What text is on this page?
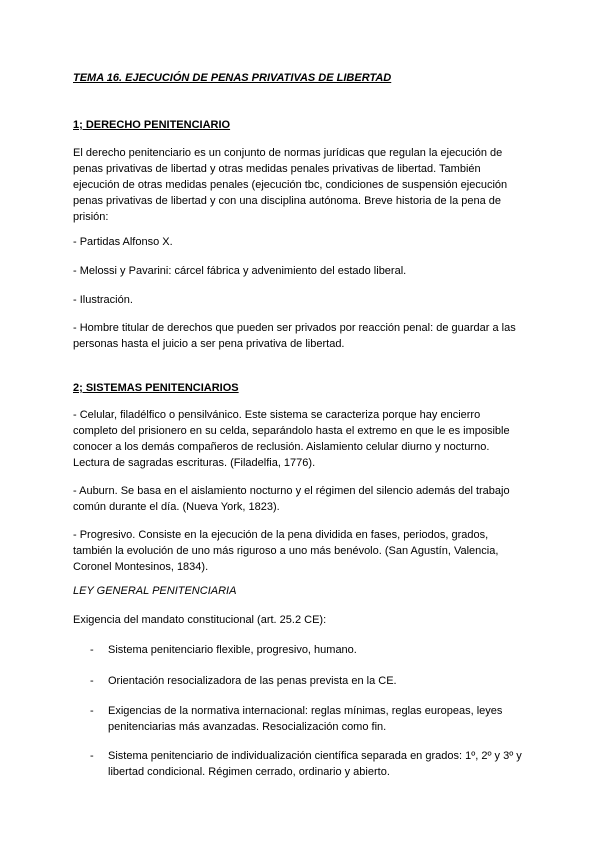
TEMA 16. EJECUCIÓN DE PENAS PRIVATIVAS DE LIBERTAD
1; DERECHO PENITENCIARIO
El derecho penitenciario es un conjunto de normas jurídicas que regulan la ejecución de
penas privativas de libertad y otras medidas penales privativas de libertad. También
ejecución de otras medidas penales (ejecución tbc, condiciones de suspensión ejecución
penas privativas de libertad y con una disciplina autónoma. Breve historia de la pena de
prisión:
- Partidas Alfonso X.
- Melossi y Pavarini: cárcel fábrica y advenimiento del estado liberal.
- Ilustración.
- Hombre titular de derechos que pueden ser privados por reacción penal: de guardar a las
personas hasta el juicio a ser pena privativa de libertad.
2; SISTEMAS PENITENCIARIOS
- Celular, filadélfico o pensilvánico. Este sistema se caracteriza porque hay encierro
completo del prisionero en su celda, separándolo hasta el extremo en que le es imposible
conocer a los demás compañeros de reclusión. Aislamiento celular diurno y nocturno.
Lectura de sagradas escrituras. (Filadelfia, 1776).
- Auburn. Se basa en el aislamiento nocturno y el régimen del silencio además del trabajo
común durante el día. (Nueva York, 1823).
- Progresivo. Consiste en la ejecución de la pena dividida en fases, periodos, grados,
también la evolución de uno más riguroso a uno más benévolo. (San Agustín, Valencia,
Coronel Montesinos, 1834).
LEY GENERAL PENITENCIARIA
Exigencia del mandato constitucional (art. 25.2 CE):
- Sistema penitenciario flexible, progresivo, humano.
- Orientación resocializadora de las penas prevista en la CE.
- Exigencias de la normativa internacional: reglas mínimas, reglas europeas, leyes
penitenciarias más avanzadas. Resocialización como fin.
- Sistema penitenciario de individualización científica separada en grados: 1º, 2º y 3º y
libertad condicional. Régimen cerrado, ordinario y abierto.
